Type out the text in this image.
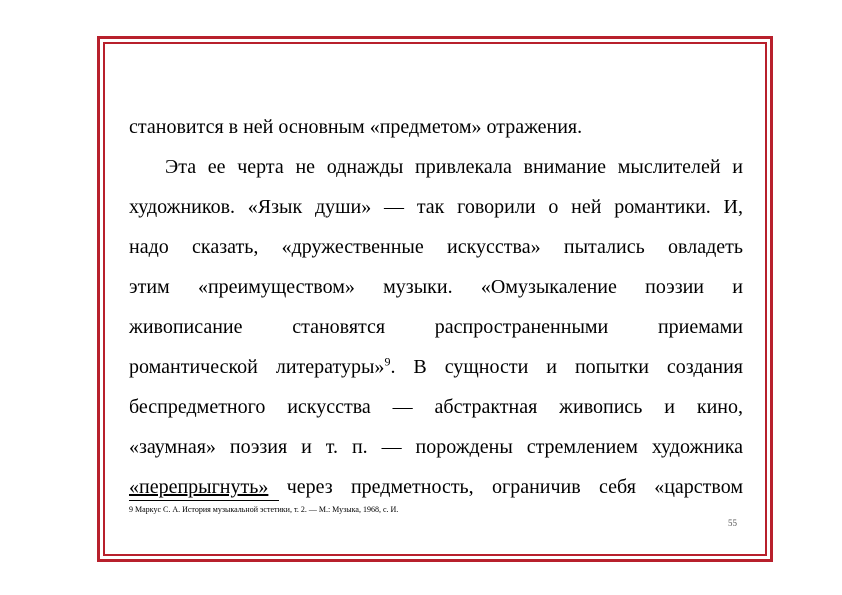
становится в ней основным «предметом» отражения.
Эта ее черта не однажды привлекала внимание мыслителей и
художников. «Язык души» — так говорили о ней романтики. И,
надо сказать, «дружественные искусства» пытались овладеть
этим «преимуществом» музыки. «Омузыкаление поэзии и
живописание становятся распространенными приемами
романтической литературы»$^9$. В сущности и попытки создания
беспредметного искусства — абстрактная живопись и кино,
«заумная» поэзия и т. п. — порождены стремлением художника
«перепрыгнуть» через предметность, ограничив себя «царством
9 Маркус С. А. История музыкальной эстетики, т. 2. — М.: Музыка, 1968, с. И.
55
